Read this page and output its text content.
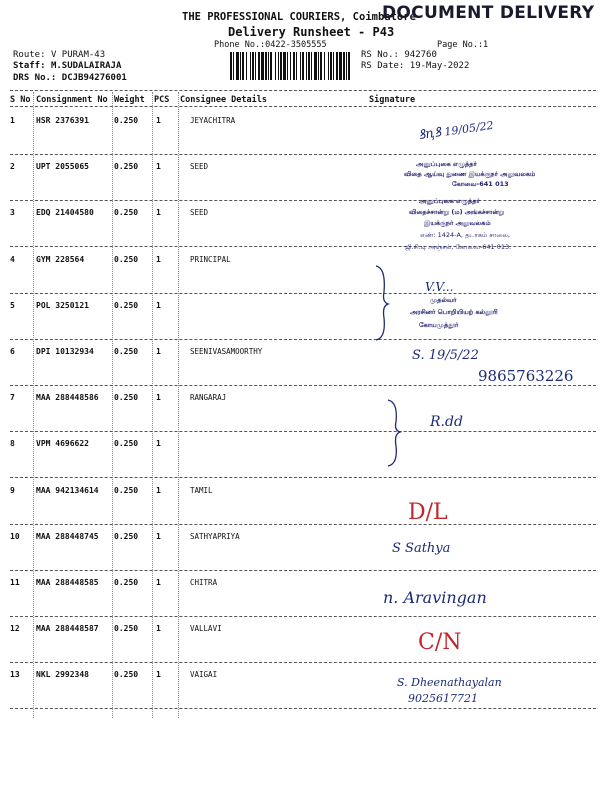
THE PROFESSIONAL COURIERS, Coimbatore
DOCUMENT DELIVERY
Delivery Runsheet - P43
Phone No.:0422-3505555	Page No.:1
Route: V PURAM-43
Staff: M.SUDALAIRAJA
DRS No.: DCJB94276001
RS No.: 942760
RS Date: 19-May-2022
S No Consignment No Weight PCS Consignee Details	Signature
1	HSR 2376391	0.250 1	JEYACHITRA
2	UPT 2055065	0.250 1	SEED
3	EDQ 21404580	0.250 1	SEED
4	GYM 228564	0.250 1	PRINCIPAL
5	POL 3250121	0.250 1
6	DPI 10132934	0.250 1	SEENIVASAMOORTHY
7	MAA 288448586 0.250 1	RANGARAJ
8	VPM 4696622	0.250 1
9	MAA 942134614 0.250 1	TAMIL
10 MAA 288448745 0.250 1	SATHYAPRIYA
11 MAA 288448585 0.250 1	CHITRA
12 MAA 288448587 0.250 1	VALLAVI
13 NKL 2992348	0.250 1	VAIGAI
ꝸꞑꝸ 19/05/22
அனுப்புகை எழுத்தர்
விதை ஆய்வு துணை இயக்குநர் அலுவலகம்
கோவை-641 013
அனுப்புகை எழுத்தர்
விதைச்சான்று (ம) அங்கச்சான்று
இயக்குநர் அலுவலகம்
எண்: 1424-A, தடாகம் சாலை,
ஜி.சி.டி அஞ்சல், கோவை-641 013.
V.V...
முதல்வர்
அரசினர் பொறியியற் கல்லூரி
கோயமுத்தூர்
S. 19/5/22
9865763226
R.dd
D/L
S Sathya
n. Aravingan
C/N
S. Dheenathayalan
9025617721
